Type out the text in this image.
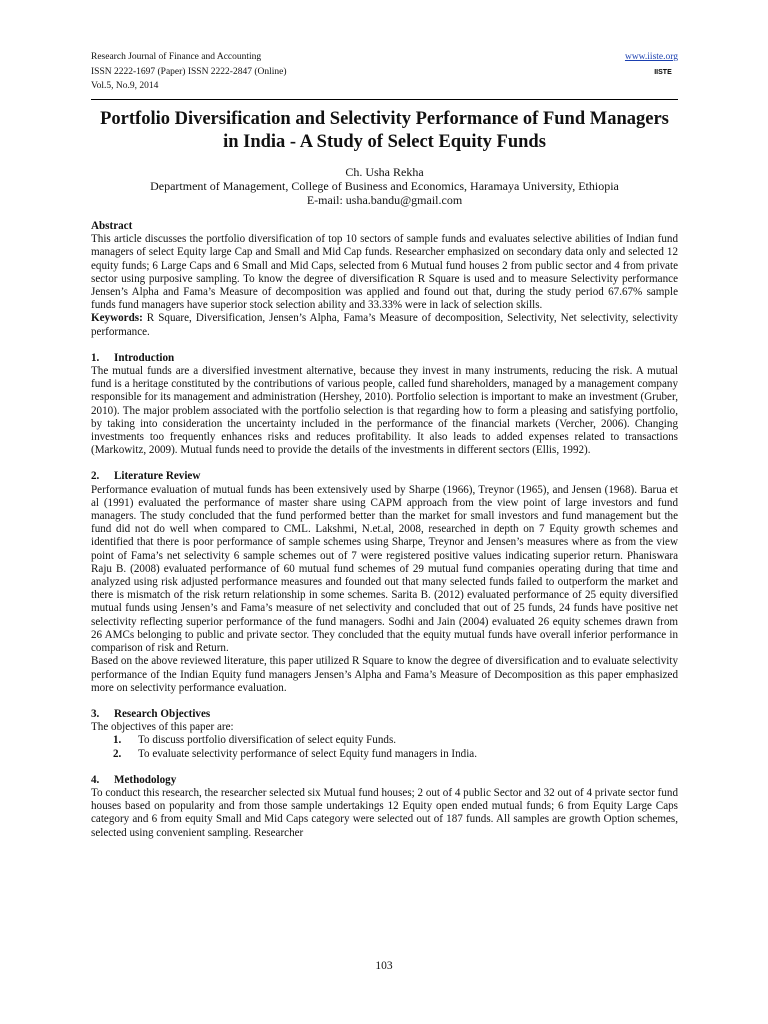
Research Journal of Finance and Accounting
ISSN 2222-1697 (Paper) ISSN 2222-2847 (Online)
Vol.5, No.9, 2014
www.iiste.org
IISTE
Portfolio Diversification and Selectivity Performance of Fund Managers in India - A Study of Select Equity Funds
Ch. Usha Rekha
Department of Management, College of Business and Economics, Haramaya University, Ethiopia
E-mail: usha.bandu@gmail.com

Abstract

This article discusses the portfolio diversification of top 10 sectors of sample funds and evaluates selective abilities of Indian fund managers of select Equity large Cap and Small and Mid Cap funds. Researcher emphasized on secondary data only and selected 12 equity funds; 6 Large Caps and 6 Small and Mid Caps, selected from 6 Mutual fund houses 2 from public sector and 4 from private sector using purposive sampling. To know the degree of diversification R Square is used and to measure Selectivity performance Jensen’s Alpha and Fama’s Measure of decomposition was applied and found out that, during the study period 67.67% sample funds fund managers have superior stock selection ability and 33.33% were in lack of selection skills.

Keywords: R Square, Diversification, Jensen’s Alpha, Fama’s Measure of decomposition, Selectivity, Net selectivity, selectivity performance.

1.	Introduction

The mutual funds are a diversified investment alternative, because they invest in many instruments, reducing the risk. A mutual fund is a heritage constituted by the contributions of various people, called fund shareholders, managed by a management company responsible for its management and administration (Hershey, 2010). Portfolio selection is important to make an investment (Gruber, 2010). The major problem associated with the portfolio selection is that regarding how to form a pleasing and satisfying portfolio, by taking into consideration the uncertainty included in the performance of the financial markets (Vercher, 2006). Changing investments too frequently enhances risks and reduces profitability. It also leads to added expenses related to transactions (Markowitz, 2009). Mutual funds need to provide the details of the investments in different sectors (Ellis, 1992).

2.	Literature Review

Performance evaluation of mutual funds has been extensively used by Sharpe (1966), Treynor (1965), and Jensen (1968). Barua et al (1991) evaluated the performance of master share using CAPM approach from the view point of large investors and fund managers. The study concluded that the fund performed better than the market for small investors and fund management but the fund did not do well when compared to CML. Lakshmi, N.et.al, 2008, researched in depth on 7 Equity growth schemes and identified that there is poor performance of sample schemes using Sharpe, Treynor and Jensen’s measures where as from the view point of Fama’s net selectivity 6 sample schemes out of 7 were registered positive values indicating superior return. Phaniswara Raju B. (2008) evaluated performance of 60 mutual fund schemes of 29 mutual fund companies operating during that time and analyzed using risk adjusted performance measures and founded out that many selected funds failed to outperform the market and there is mismatch of the risk return relationship in some schemes. Sarita B. (2012) evaluated performance of 25 equity diversified mutual funds using Jensen’s and Fama’s measure of net selectivity and concluded that out of 25 funds, 24 funds have positive net selectivity reflecting superior performance of the fund managers. Sodhi and Jain (2004) evaluated 26 equity schemes drawn from 26 AMCs belonging to public and private sector. They concluded that the equity mutual funds have overall inferior performance in comparison of risk and Return.

Based on the above reviewed literature, this paper utilized R Square to know the degree of diversification and to evaluate selectivity performance of the Indian Equity fund managers Jensen’s Alpha and Fama’s Measure of Decomposition as this paper emphasized more on selectivity performance evaluation.

3.	Research Objectives

The objectives of this paper are:

1.	To discuss portfolio diversification of select equity Funds.
2.	To evaluate selectivity performance of select Equity fund managers in India.
4.	Methodology

To conduct this research, the researcher selected six Mutual fund houses; 2 out of 4 public Sector and 32 out of 4 private sector fund houses based on popularity and from those sample undertakings 12 Equity open ended mutual funds; 6 from Equity Large Caps category and 6 from equity Small and Mid Caps category were selected out of 187 funds. All samples are growth Option schemes, selected using convenient sampling. Researcher

103
